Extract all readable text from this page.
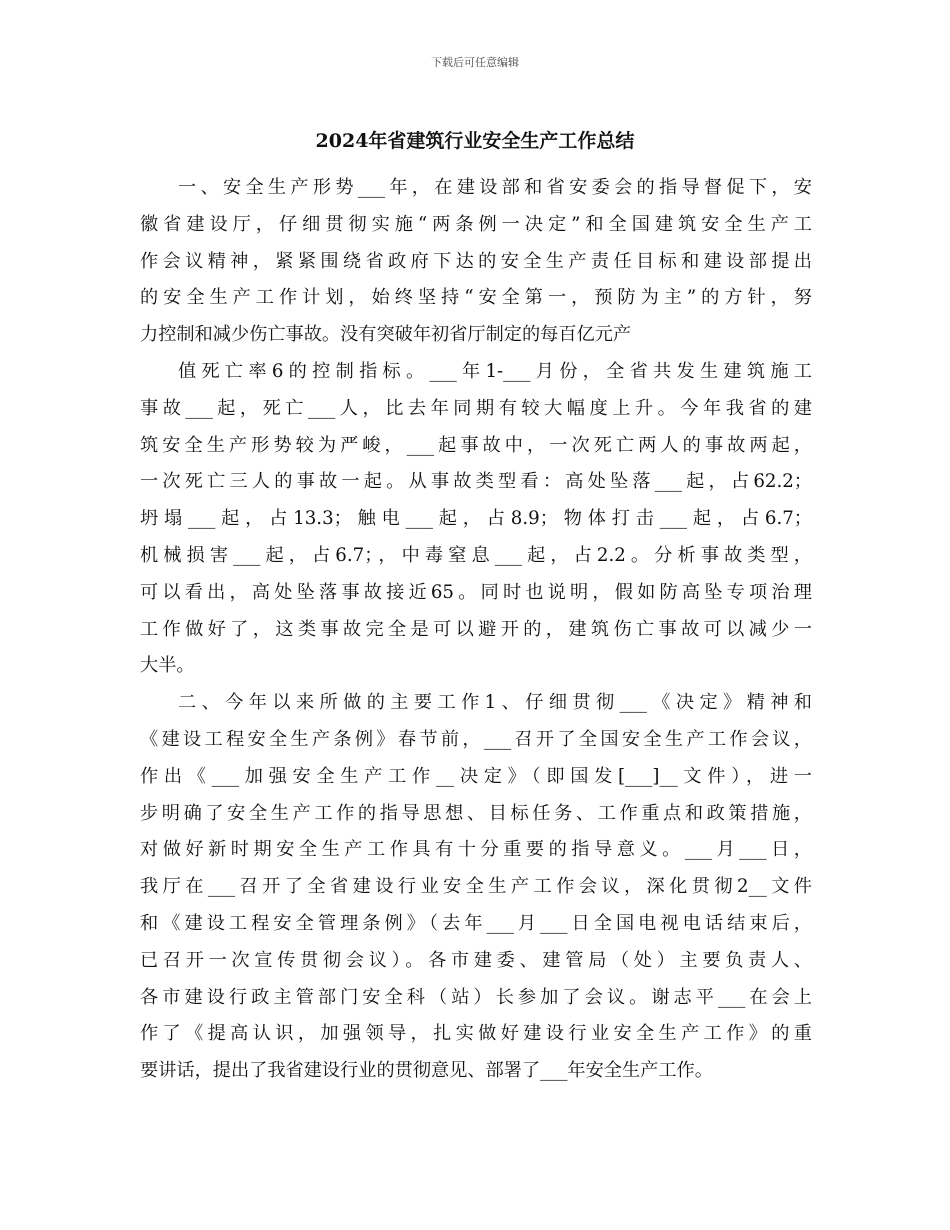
下载后可任意编辑
2024年省建筑行业安全生产工作总结
一、安全生产形势___年，在建设部和省安委会的指导督促下，安
徽省建设厅，仔细贯彻实施“两条例一决定”和全国建筑安全生产工
作会议精神，紧紧围绕省政府下达的安全生产责任目标和建设部提出
的安全生产工作计划，始终坚持“安全第一，预防为主”的方针，努
力控制和减少伤亡事故。没有突破年初省厅制定的每百亿元产
值死亡率6的控制指标。___年1-___月份，全省共发生建筑施工
事故___起，死亡___人，比去年同期有较大幅度上升。今年我省的建
筑安全生产形势较为严峻，___起事故中，一次死亡两人的事故两起，
一次死亡三人的事故一起。从事故类型看：高处坠落___起，占62.2；
坍塌___起，占13.3；触电___起，占8.9；物体打击___起，占6.7；
机械损害___起，占6.7；，中毒窒息___起，占2.2。分析事故类型，
可以看出，高处坠落事故接近65。同时也说明，假如防高坠专项治理
工作做好了，这类事故完全是可以避开的，建筑伤亡事故可以减少一
大半。
二、今年以来所做的主要工作1、仔细贯彻___《决定》精神和
《建设工程安全生产条例》春节前，___召开了全国安全生产工作会议，
作出《___加强安全生产工作__决定》（即国发[___]__文件），进一
步明确了安全生产工作的指导思想、目标任务、工作重点和政策措施，
对做好新时期安全生产工作具有十分重要的指导意义。___月___日，
我厅在___召开了全省建设行业安全生产工作会议，深化贯彻2__文件
和《建设工程安全管理条例》（去年___月___日全国电视电话结束后，
已召开一次宣传贯彻会议）。各市建委、建管局（处）主要负责人、
各市建设行政主管部门安全科（站）长参加了会议。谢志平___在会上
作了《提高认识，加强领导，扎实做好建设行业安全生产工作》的重
要讲话，提出了我省建设行业的贯彻意见、部署了___年安全生产工作。
